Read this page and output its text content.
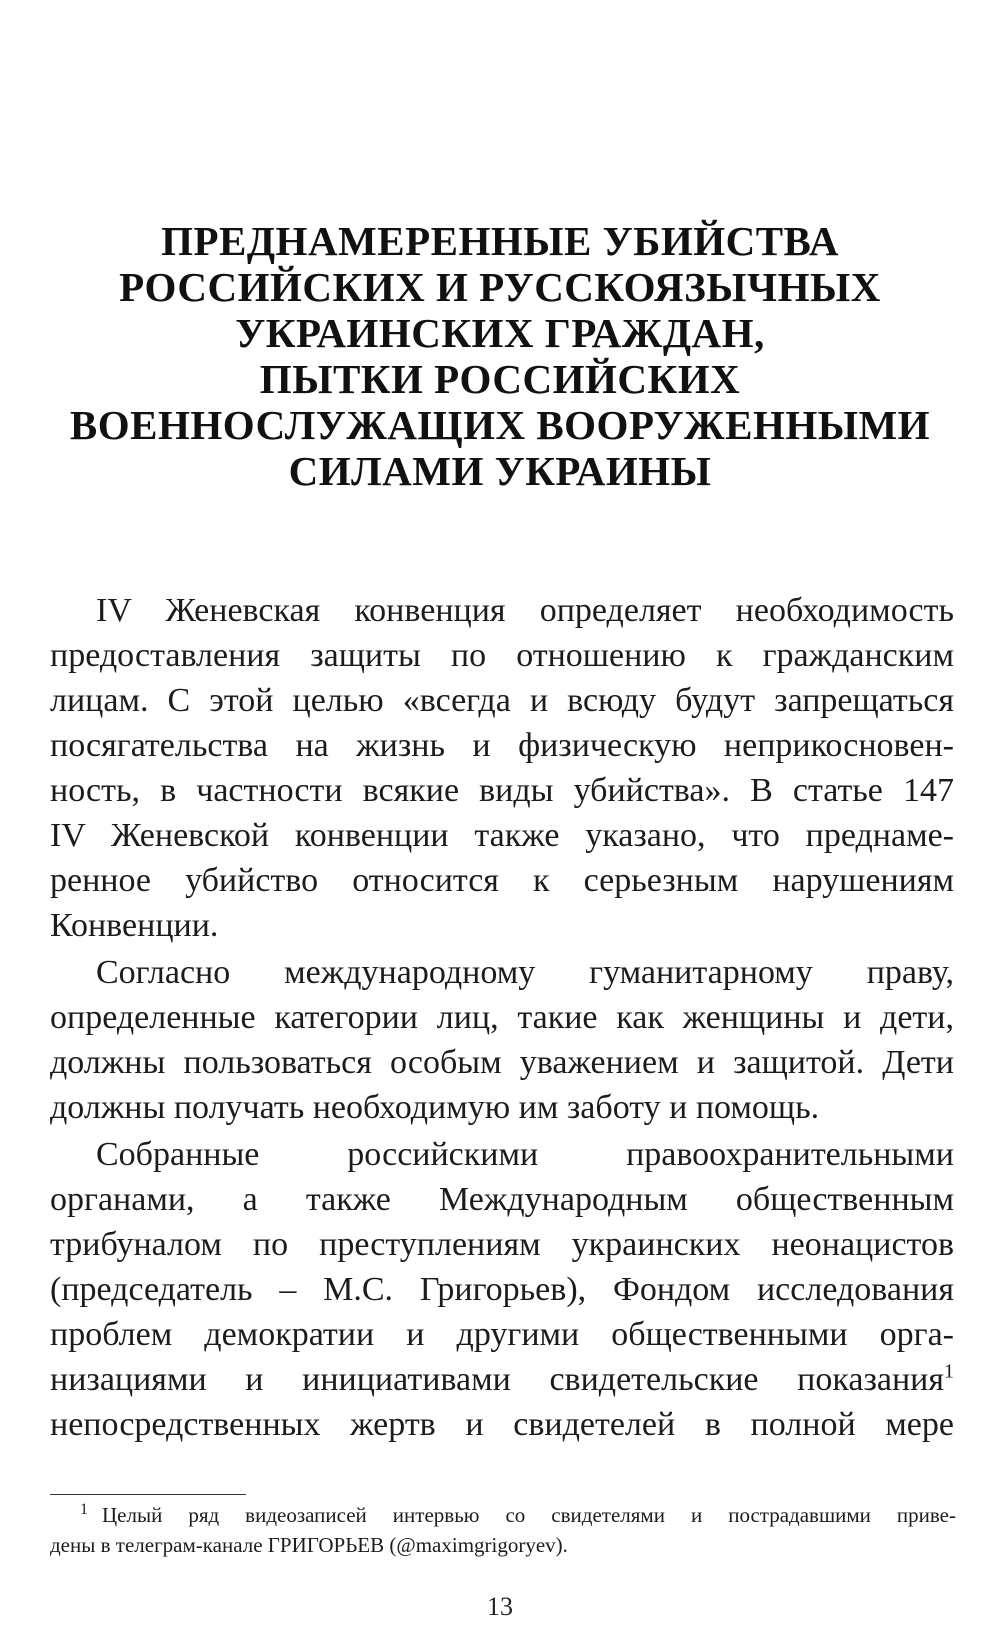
ПРЕДНАМЕРЕННЫЕ УБИЙСТВА
РОССИЙСКИХ И РУССКОЯЗЫЧНЫХ
УКРАИНСКИХ ГРАЖДАН,
ПЫТКИ РОССИЙСКИХ
ВОЕННОСЛУЖАЩИХ ВООРУЖЕННЫМИ
СИЛАМИ УКРАИНЫ
IV Женевская конвенция определяет необходимость
предоставления защиты по отношению к гражданским
лицам. С этой целью «всегда и всюду будут запрещаться
посягательства на жизнь и физическую неприкосновен-
ность, в частности всякие виды убийства». В статье 147
IV Женевской конвенции также указано, что преднаме-
ренное убийство относится к серьезным нарушениям
Конвенции.
Согласно международному гуманитарному праву,
определенные категории лиц, такие как женщины и дети,
должны пользоваться особым уважением и защитой. Дети
должны получать необходимую им заботу и помощь.
Собранные российскими правоохранительными
органами, а также Международным общественным
трибуналом по преступлениям украинских неонацистов
(председатель – М.С. Григорьев), Фондом исследования
проблем демократии и другими общественными орга-
низациями и инициативами свидетельские показания$^1$
непосредственных жертв и свидетелей в полной мере
$^1$ Целый ряд видеозаписей интервью со свидетелями и пострадавшими приве-
дены в телеграм-канале ГРИГОРЬЕВ (@maximgrigoryev).
13
